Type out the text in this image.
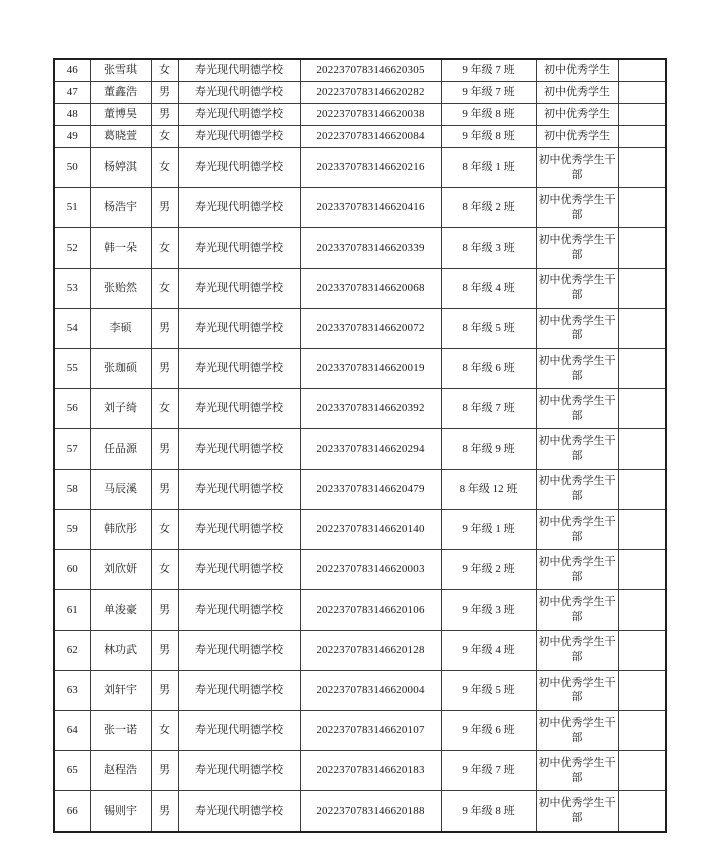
46	张雪琪	女	寿光现代明德学校	2022370783146620305	9 年级 7 班	初中优秀学生	
47	董鑫浩	男	寿光现代明德学校	2022370783146620282	9 年级 7 班	初中优秀学生	
48	董博昊	男	寿光现代明德学校	2022370783146620038	9 年级 8 班	初中优秀学生	
49	葛晓萱	女	寿光现代明德学校	2022370783146620084	9 年级 8 班	初中优秀学生	
50	杨婷淇	女	寿光现代明德学校	2023370783146620216	8 年级 1 班	初中优秀学生干部	
51	杨浩宇	男	寿光现代明德学校	2023370783146620416	8 年级 2 班	初中优秀学生干部	
52	韩一朵	女	寿光现代明德学校	2023370783146620339	8 年级 3 班	初中优秀学生干部	
53	张贻然	女	寿光现代明德学校	2023370783146620068	8 年级 4 班	初中优秀学生干部	
54	李硕	男	寿光现代明德学校	2023370783146620072	8 年级 5 班	初中优秀学生干部	
55	张珈硕	男	寿光现代明德学校	2023370783146620019	8 年级 6 班	初中优秀学生干部	
56	刘子绮	女	寿光现代明德学校	2023370783146620392	8 年级 7 班	初中优秀学生干部	
57	任品源	男	寿光现代明德学校	2023370783146620294	8 年级 9 班	初中优秀学生干部	
58	马辰溪	男	寿光现代明德学校	2023370783146620479	8 年级 12 班	初中优秀学生干部	
59	韩欣彤	女	寿光现代明德学校	2022370783146620140	9 年级 1 班	初中优秀学生干部	
60	刘欣妍	女	寿光现代明德学校	2022370783146620003	9 年级 2 班	初中优秀学生干部	
61	单浚豪	男	寿光现代明德学校	2022370783146620106	9 年级 3 班	初中优秀学生干部	
62	林功武	男	寿光现代明德学校	2022370783146620128	9 年级 4 班	初中优秀学生干部	
63	刘轩宇	男	寿光现代明德学校	2022370783146620004	9 年级 5 班	初中优秀学生干部	
64	张一诺	女	寿光现代明德学校	2022370783146620107	9 年级 6 班	初中优秀学生干部	
65	赵程浩	男	寿光现代明德学校	2022370783146620183	9 年级 7 班	初中优秀学生干部	
66	锡则宇	男	寿光现代明德学校	2022370783146620188	9 年级 8 班	初中优秀学生干部	
